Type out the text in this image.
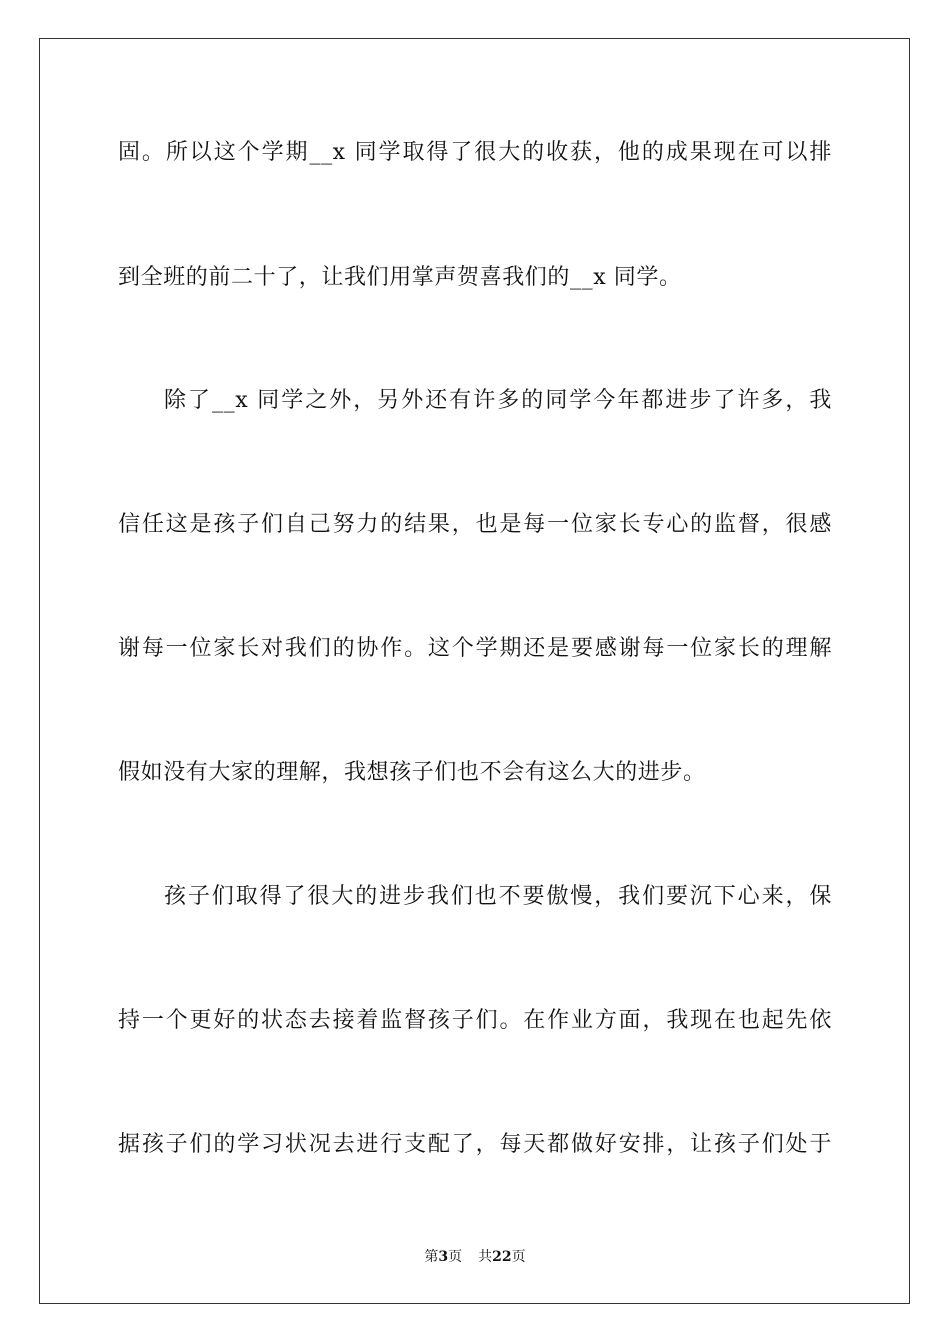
固。所以这个学期__x 同学取得了很大的收获，他的成果现在可以排
到全班的前二十了，让我们用掌声贺喜我们的__x 同学。
除了__x 同学之外，另外还有许多的同学今年都进步了许多，我
信任这是孩子们自己努力的结果，也是每一位家长专心的监督，很感
谢每一位家长对我们的协作。这个学期还是要感谢每一位家长的理解
假如没有大家的理解，我想孩子们也不会有这么大的进步。
孩子们取得了很大的进步我们也不要傲慢，我们要沉下心来，保
持一个更好的状态去接着监督孩子们。在作业方面，我现在也起先依
据孩子们的学习状况去进行支配了，每天都做好安排，让孩子们处于
第3页 共22页
